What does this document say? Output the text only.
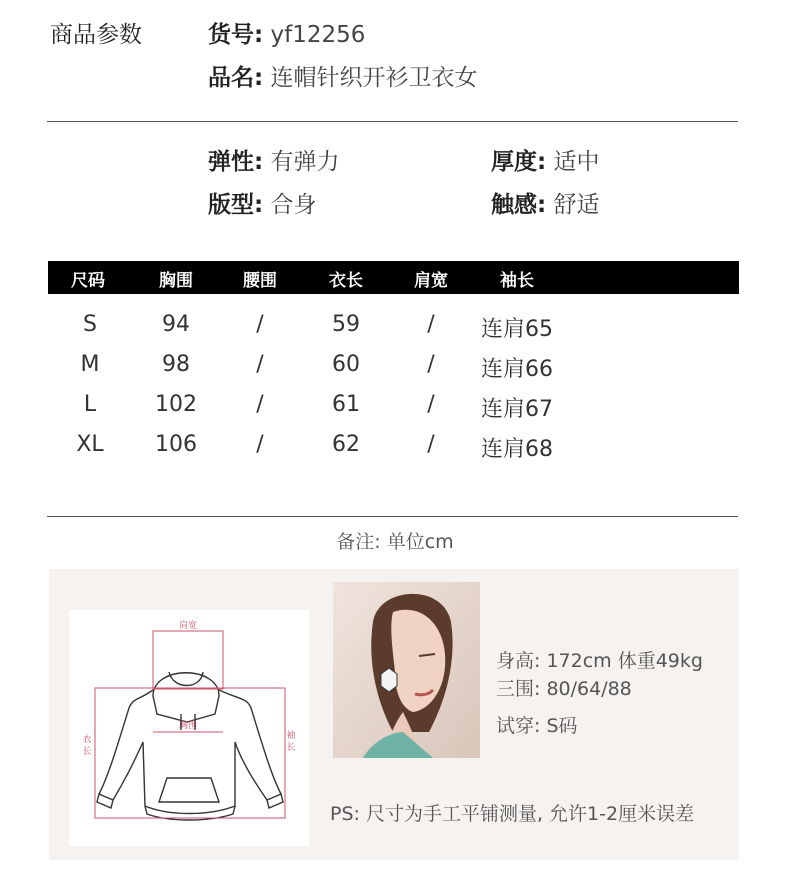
商品参数	货号: yf12256
品名: 连帽针织开衫卫衣女
弹性: 有弹力	厚度: 适中
版型: 合身	触感: 舒适
尺码	胸围	腰围	衣长	肩宽	袖长
S	94	/	59	/	连肩65
M	98	/	60	/	连肩66
L	102	/	61	/	连肩67
XL	106	/	62	/	连肩68
备注: 单位cm
肩宽
胸围
衣
长
袖
长
身高: 172cm 体重49kg
三围: 80/64/88
试穿: S码
PS: 尺寸为手工平铺测量, 允许1-2厘米误差
